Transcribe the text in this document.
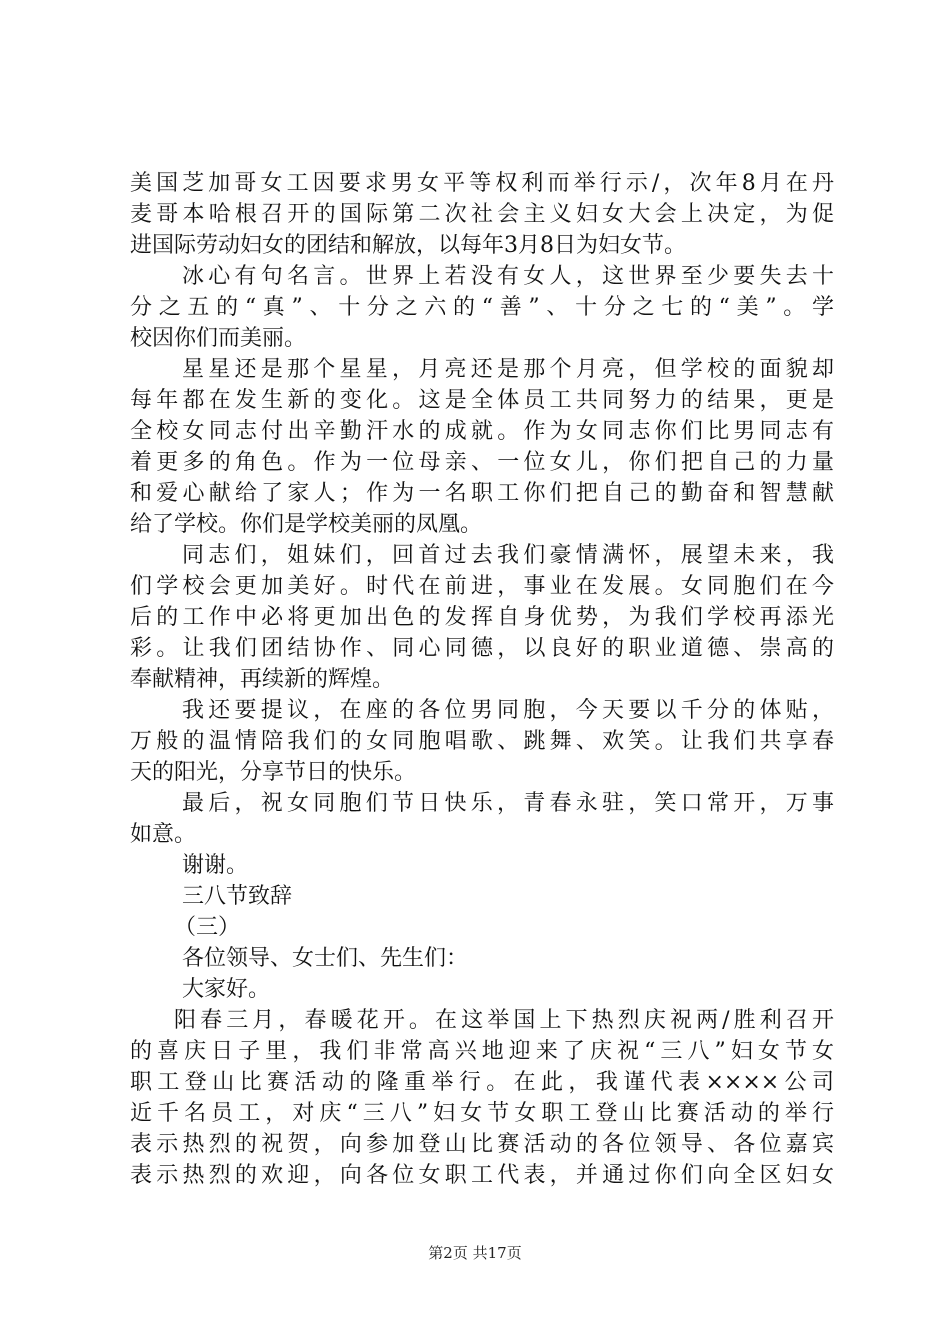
美国芝加哥女工因要求男女平等权利而举行示/，次年8月在丹
麦哥本哈根召开的国际第二次社会主义妇女大会上决定，为促
进国际劳动妇女的团结和解放，以每年3月8日为妇女节。
冰心有句名言。世界上若没有女人，这世界至少要失去十
分之五的“真”、十分之六的“善”、十分之七的“美”。学
校因你们而美丽。
星星还是那个星星，月亮还是那个月亮，但学校的面貌却
每年都在发生新的变化。这是全体员工共同努力的结果，更是
全校女同志付出辛勤汗水的成就。作为女同志你们比男同志有
着更多的角色。作为一位母亲、一位女儿，你们把自己的力量
和爱心献给了家人；作为一名职工你们把自己的勤奋和智慧献
给了学校。你们是学校美丽的凤凰。
同志们，姐妹们，回首过去我们豪情满怀，展望未来，我
们学校会更加美好。时代在前进，事业在发展。女同胞们在今
后的工作中必将更加出色的发挥自身优势，为我们学校再添光
彩。让我们团结协作、同心同德，以良好的职业道德、崇高的
奉献精神，再续新的辉煌。
我还要提议，在座的各位男同胞，今天要以千分的体贴，
万般的温情陪我们的女同胞唱歌、跳舞、欢笑。让我们共享春
天的阳光，分享节日的快乐。
最后，祝女同胞们节日快乐，青春永驻，笑口常开，万事
如意。
谢谢。
三八节致辞
（三）
各位领导、女士们、先生们：
大家好。
阳春三月，春暖花开。在这举国上下热烈庆祝两/胜利召开
的喜庆日子里，我们非常高兴地迎来了庆祝“三八”妇女节女
职工登山比赛活动的隆重举行。在此，我谨代表××××公司
近千名员工，对庆“三八”妇女节女职工登山比赛活动的举行
表示热烈的祝贺，向参加登山比赛活动的各位领导、各位嘉宾
表示热烈的欢迎，向各位女职工代表，并通过你们向全区妇女
第2页 共17页
